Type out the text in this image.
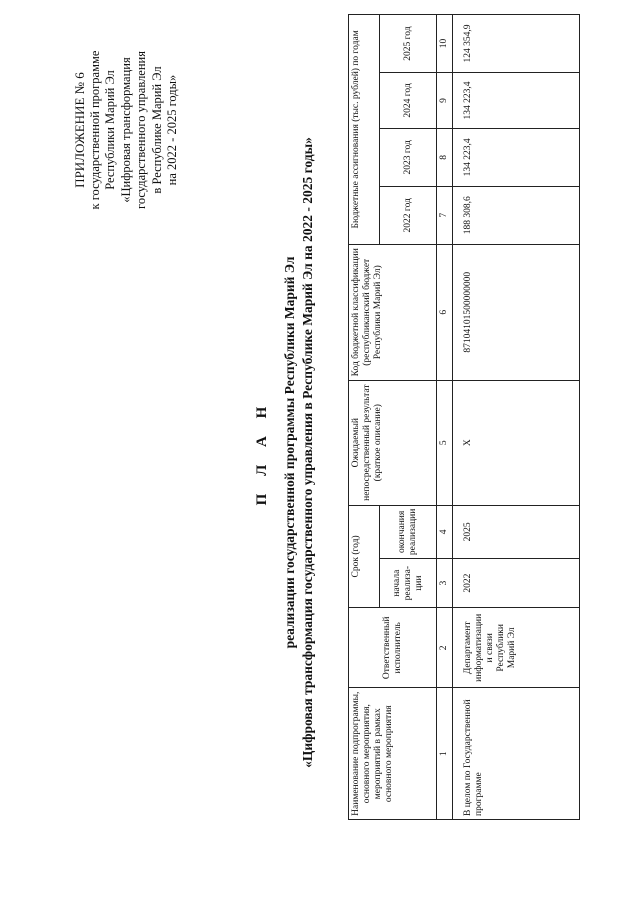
ПРИЛОЖЕНИЕ № 6 к государственной программе Республики Марий Эл «Цифровая трансформация государственного управления в Республике Марий Эл на 2022 - 2025 годы»
П Л А Н реализации государственной программы Республики Марий Эл «Цифровая трансформация государственного управления в Республике Марий Эл на 2022 - 2025 годы»	Наименование подпрограммы, основного мероприятия, мероприятий в рамках основного мероприятия	Ответственный исполнитель	Срок (год)		Ожидаемый непосредственный результат (краткое описание)	Код бюджетной классификации (республиканский бюджет Республики Марий Эл)	Бюджетные ассигнования (тыс. рублей) по годам			
		начала реализа-ции	окончания реализации			2022 год	2023 год	2024 год	2025 год
1	2	3	4	5	6	7	8	9	10
В целом по Государственной программе	Департамент информатизации и связи Республики Марий Эл	2022	2025	Х	87104101500000000	188 308,6	134 223,4	134 223,4	124 354,9
